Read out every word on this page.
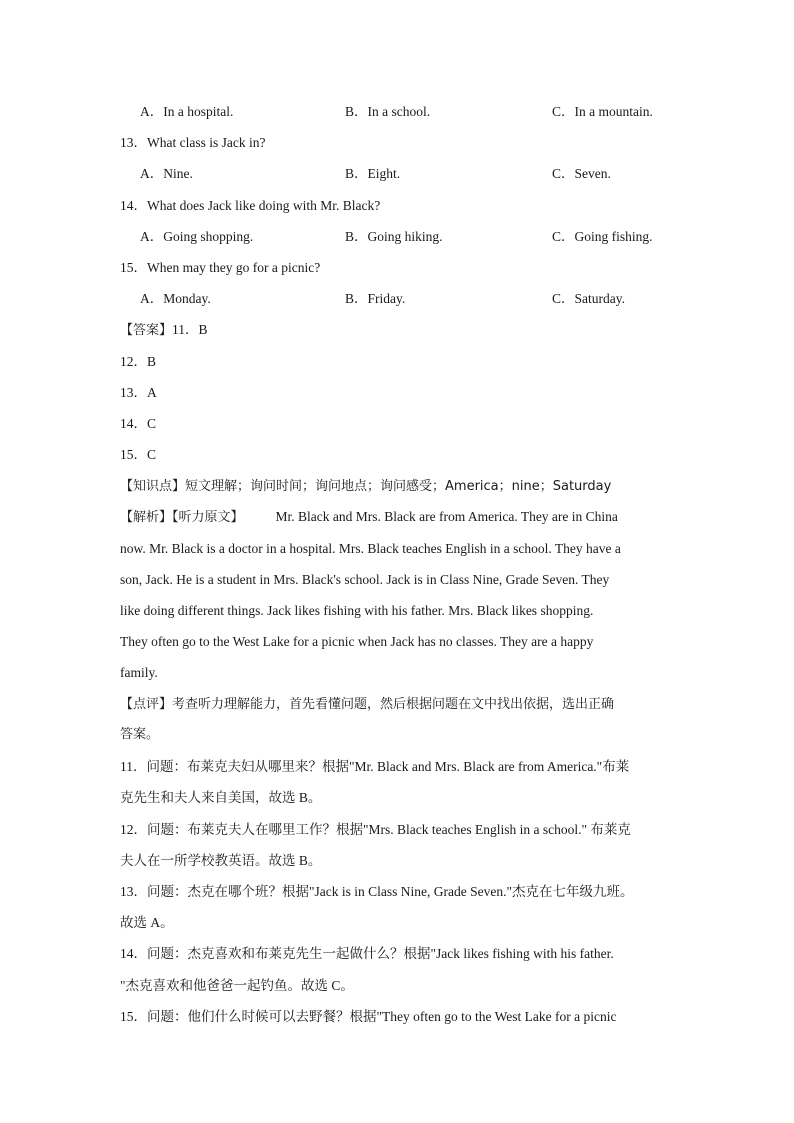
A．In a hospital.	B．In a school.	C．In a mountain.
13．What class is Jack in?
A．Nine.	B．Eight.	C．Seven.
14．What does Jack like doing with Mr. Black?
A．Going shopping.	B．Going hiking.	C．Going fishing.
15．When may they go for a picnic?
A．Monday.	B．Friday.	C．Saturday.
【答案】11．B
12．B
13．A
14．C
15．C
【知识点】短文理解；询问时间；询问地点；询问感受；America；nine；Saturday
【解析】【听力原文】 Mr. Black and Mrs. Black are from America. They are in China
now. Mr. Black is a doctor in a hospital. Mrs. Black teaches English in a school. They have a
son, Jack. He is a student in Mrs. Black's school. Jack is in Class Nine, Grade Seven. They
like doing different things. Jack likes fishing with his father. Mrs. Black likes shopping.
They often go to the West Lake for a picnic when Jack has no classes. They are a happy
family.
【点评】考查听力理解能力，首先看懂问题，然后根据问题在文中找出依据，选出正确
答案。
11．问题：布莱克夫妇从哪里来？根据"Mr. Black and Mrs. Black are from America."布莱
克先生和夫人来自美国，故选 B。
12．问题：布莱克夫人在哪里工作？根据"Mrs. Black teaches English in a school." 布莱克
夫人在一所学校教英语。故选 B。
13．问题：杰克在哪个班？根据"Jack is in Class Nine, Grade Seven."杰克在七年级九班。
故选 A。
14．问题：杰克喜欢和布莱克先生一起做什么？根据"Jack likes fishing with his father.
"杰克喜欢和他爸爸一起钓鱼。故选 C。
15．问题：他们什么时候可以去野餐？根据"They often go to the West Lake for a picnic
